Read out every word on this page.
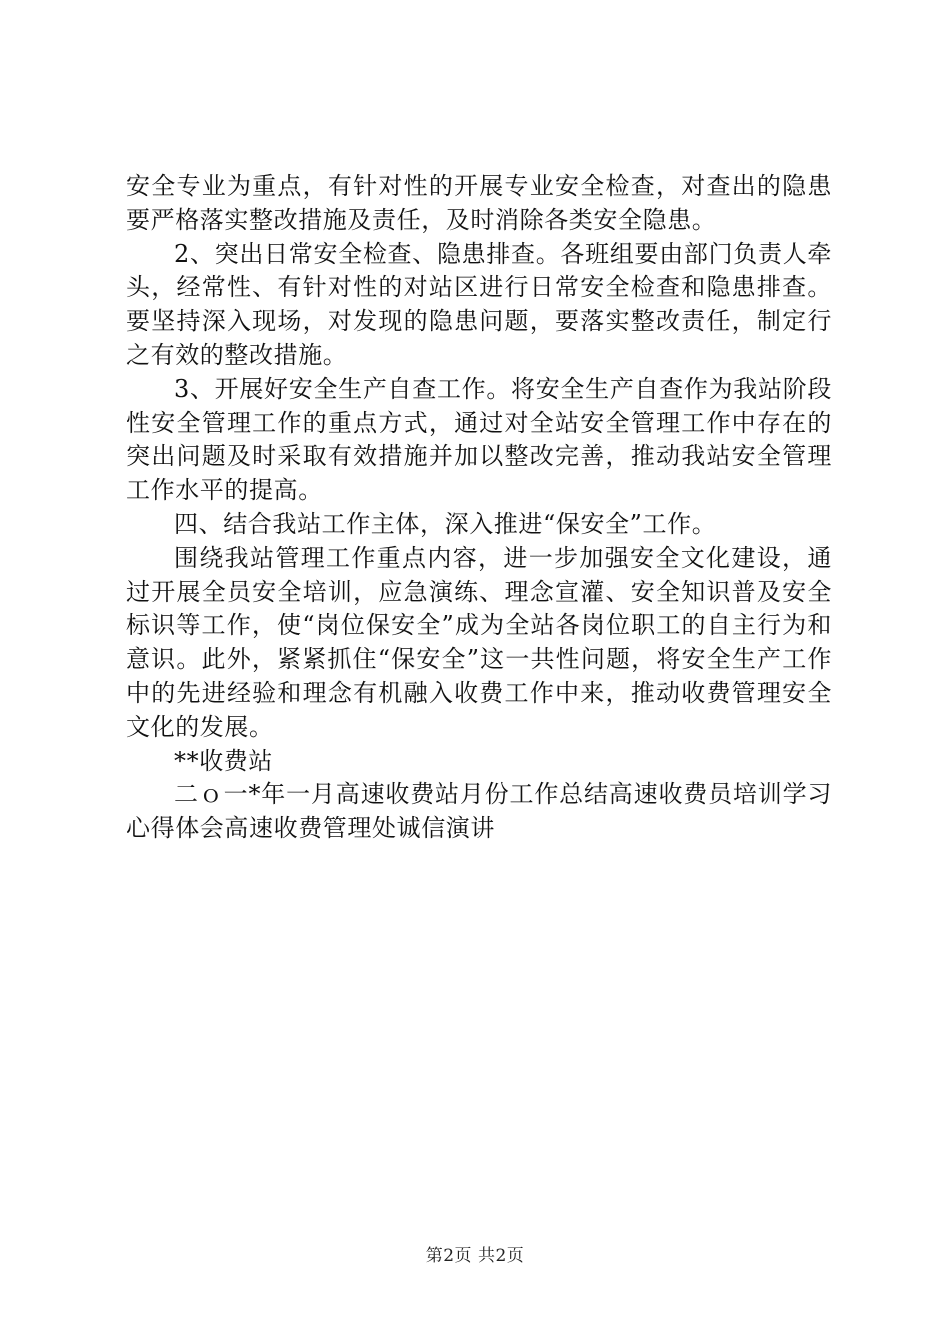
安全专业为重点，有针对性的开展专业安全检查，对查出的隐患要严格落实整改措施及责任，及时消除各类安全隐患。

2、突出日常安全检查、隐患排查。各班组要由部门负责人牵头，经常性、有针对性的对站区进行日常安全检查和隐患排查。要坚持深入现场，对发现的隐患问题，要落实整改责任，制定行之有效的整改措施。

3、开展好安全生产自查工作。将安全生产自查作为我站阶段性安全管理工作的重点方式，通过对全站安全管理工作中存在的突出问题及时采取有效措施并加以整改完善，推动我站安全管理工作水平的提高。

四、结合我站工作主体，深入推进“保安全”工作。

围绕我站管理工作重点内容，进一步加强安全文化建设，通过开展全员安全培训，应急演练、理念宣灌、安全知识普及安全标识等工作，使“岗位保安全”成为全站各岗位职工的自主行为和意识。此外，紧紧抓住“保安全”这一共性问题，将安全生产工作中的先进经验和理念有机融入收费工作中来，推动收费管理安全文化的发展。

**收费站

二ｏ一*年一月高速收费站月份工作总结高速收费员培训学习心得体会高速收费管理处诚信演讲

第2页 共2页
